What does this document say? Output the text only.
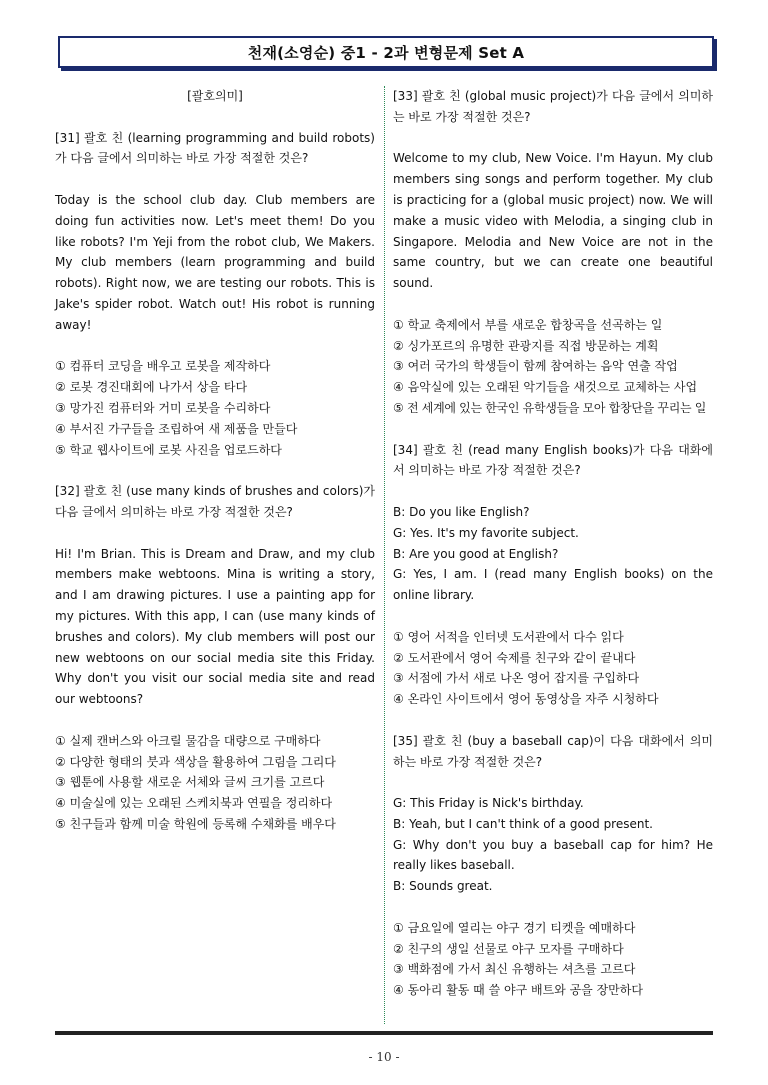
천재(소영순) 중1 - 2과 변형문제 Set A
[괄호의미]

[31] 괄호 친 (learning programming and build robots)가 다음 글에서 의미하는 바로 가장 적절한 것은?

Today is the school club day. Club members are doing fun activities now. Let's meet them! Do you like robots? I'm Yeji from the robot club, We Makers. My club members (learn programming and build robots). Right now, we are testing our robots. This is Jake's spider robot. Watch out! His robot is running away!

① 컴퓨터 코딩을 배우고 로봇을 제작하다
② 로봇 경진대회에 나가서 상을 타다
③ 망가진 컴퓨터와 거미 로봇을 수리하다
④ 부서진 가구들을 조립하여 새 제품을 만들다
⑤ 학교 웹사이트에 로봇 사진을 업로드하다

[32] 괄호 친 (use many kinds of brushes and colors)가 다음 글에서 의미하는 바로 가장 적절한 것은?

Hi! I'm Brian. This is Dream and Draw, and my club members make webtoons. Mina is writing a story, and I am drawing pictures. I use a painting app for my pictures. With this app, I can (use many kinds of brushes and colors). My club members will post our new webtoons on our social media site this Friday. Why don't you visit our social media site and read our webtoons?

① 실제 캔버스와 아크릴 물감을 대량으로 구매하다
② 다양한 형태의 붓과 색상을 활용하여 그림을 그리다
③ 웹툰에 사용할 새로운 서체와 글씨 크기를 고르다
④ 미술실에 있는 오래된 스케치북과 연필을 정리하다
⑤ 친구들과 함께 미술 학원에 등록해 수채화를 배우다

[33] 괄호 친 (global music project)가 다음 글에서 의미하는 바로 가장 적절한 것은?

Welcome to my club, New Voice. I'm Hayun. My club members sing songs and perform together. My club is practicing for a (global music project) now. We will make a music video with Melodia, a singing club in Singapore. Melodia and New Voice are not in the same country, but we can create one beautiful sound.

① 학교 축제에서 부를 새로운 합창곡을 선곡하는 일
② 싱가포르의 유명한 관광지를 직접 방문하는 계획
③ 여러 국가의 학생들이 함께 참여하는 음악 연출 작업
④ 음악실에 있는 오래된 악기들을 새것으로 교체하는 사업
⑤ 전 세계에 있는 한국인 유학생들을 모아 합창단을 꾸리는 일

[34] 괄호 친 (read many English books)가 다음 대화에서 의미하는 바로 가장 적절한 것은?

B: Do you like English?

G: Yes. It's my favorite subject.

B: Are you good at English?

G: Yes, I am. I (read many English books) on the online library.

① 영어 서적을 인터넷 도서관에서 다수 읽다
② 도서관에서 영어 숙제를 친구와 같이 끝내다
③ 서점에 가서 새로 나온 영어 잡지를 구입하다
④ 온라인 사이트에서 영어 동영상을 자주 시청하다

[35] 괄호 친 (buy a baseball cap)이 다음 대화에서 의미하는 바로 가장 적절한 것은?

G: This Friday is Nick's birthday.

B: Yeah, but I can't think of a good present.

G: Why don't you buy a baseball cap for him? He really likes baseball.

B: Sounds great.

① 금요일에 열리는 야구 경기 티켓을 예매하다
② 친구의 생일 선물로 야구 모자를 구매하다
③ 백화점에 가서 최신 유행하는 셔츠를 고르다
④ 동아리 활동 때 쓸 야구 배트와 공을 장만하다
- 10 -
